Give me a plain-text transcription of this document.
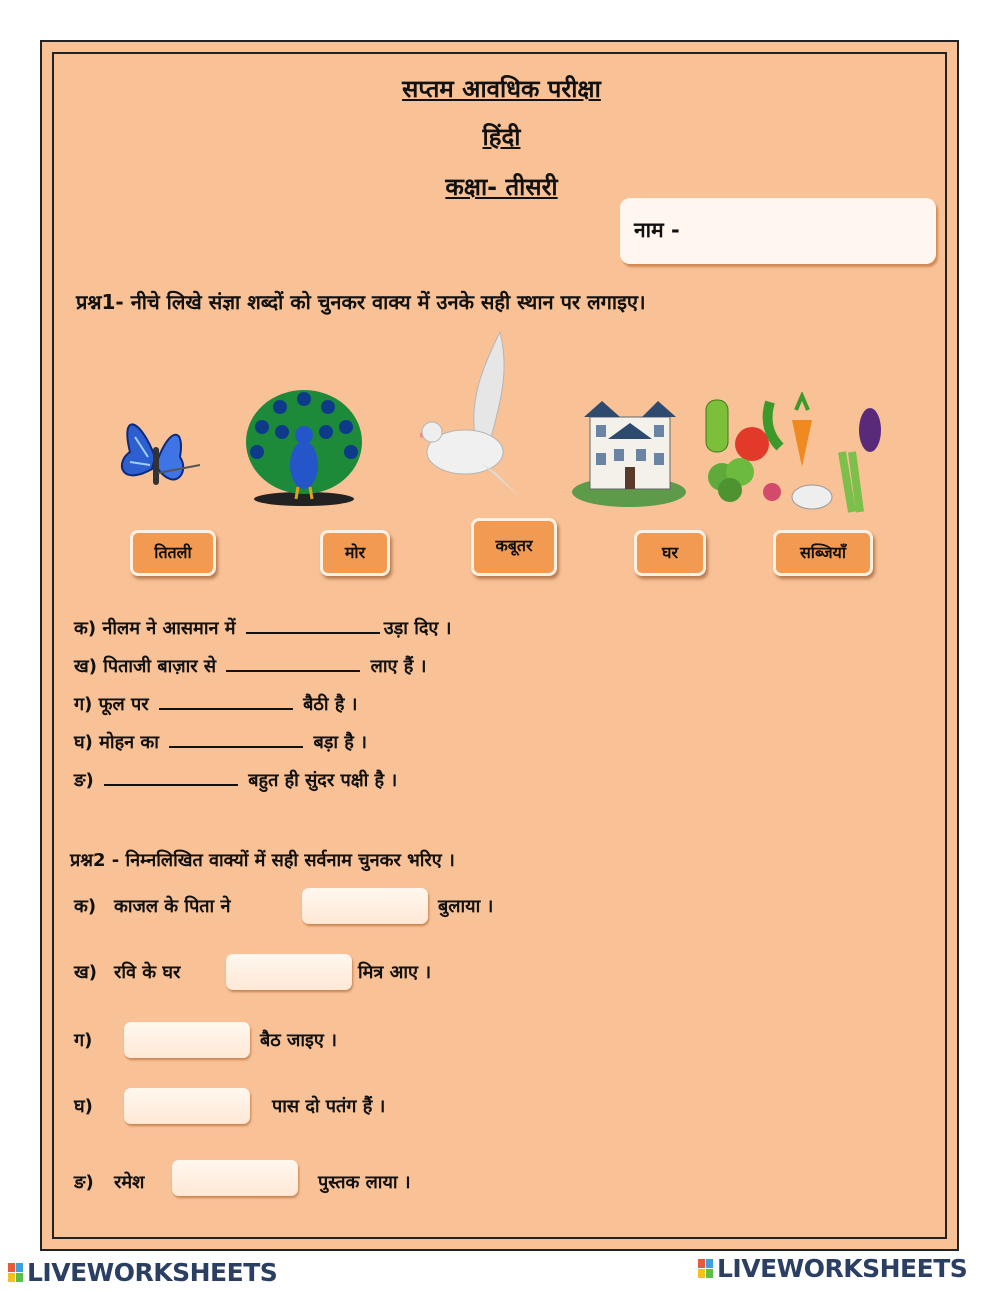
सप्तम आवधिक परीक्षा
हिंदी
कक्षा- तीसरी
नाम -
प्रश्न1- नीचे लिखे संज्ञा शब्दों को चुनकर वाक्य में उनके सही स्थान पर लगाइए।
तितली	मोर	कबूतर	घर	सब्जियाँ
क) नीलम ने आसमान में	उड़ा दिए ।
ख) पिताजी बाज़ार से	लाए हैं ।
ग) फूल पर	बैठी है ।
घ) मोहन का	बड़ा है ।
ङ)	बहुत ही सुंदर पक्षी है ।
प्रश्न2 - निम्नलिखित वाक्यों में सही सर्वनाम चुनकर भरिए ।
क) काजल के पिता ने	बुलाया ।
ख) रवि के घर	मित्र आए ।
ग)	बैठ जाइए ।
घ)	पास दो पतंग हैं ।
ङ) रमेश	पुस्तक लाया ।
LIVEWORKSHEETS	LIVEWORKSHEETS
